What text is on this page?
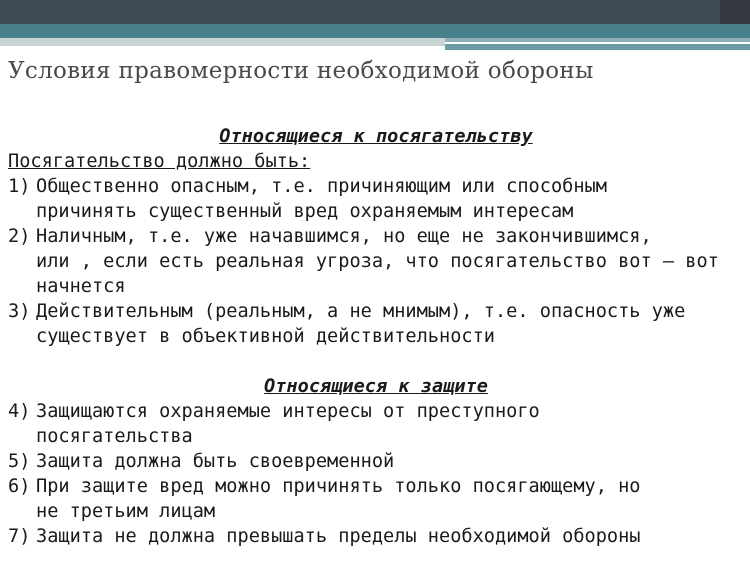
Условия правомерности необходимой обороны

Относящиеся к посягательству

Посягательство должно быть:

1) Общественно опасным, т.е. причиняющим или способным
причинять существенный вред охраняемым интересам
2) Наличным, т.е. уже начавшимся, но еще не закончившимся,
или , если есть реальная угроза, что посягательство вот – вот
начнется
3) Действительным (реальным, а не мнимым), т.е. опасность уже
существует в объективной действительности

Относящиеся к защите

4) Защищаются охраняемые интересы от преступного
посягательства
5) Защита должна быть своевременной
6) При защите вред можно причинять только посягающему, но
не третьим лицам
7) Защита не должна превышать пределы необходимой обороны
